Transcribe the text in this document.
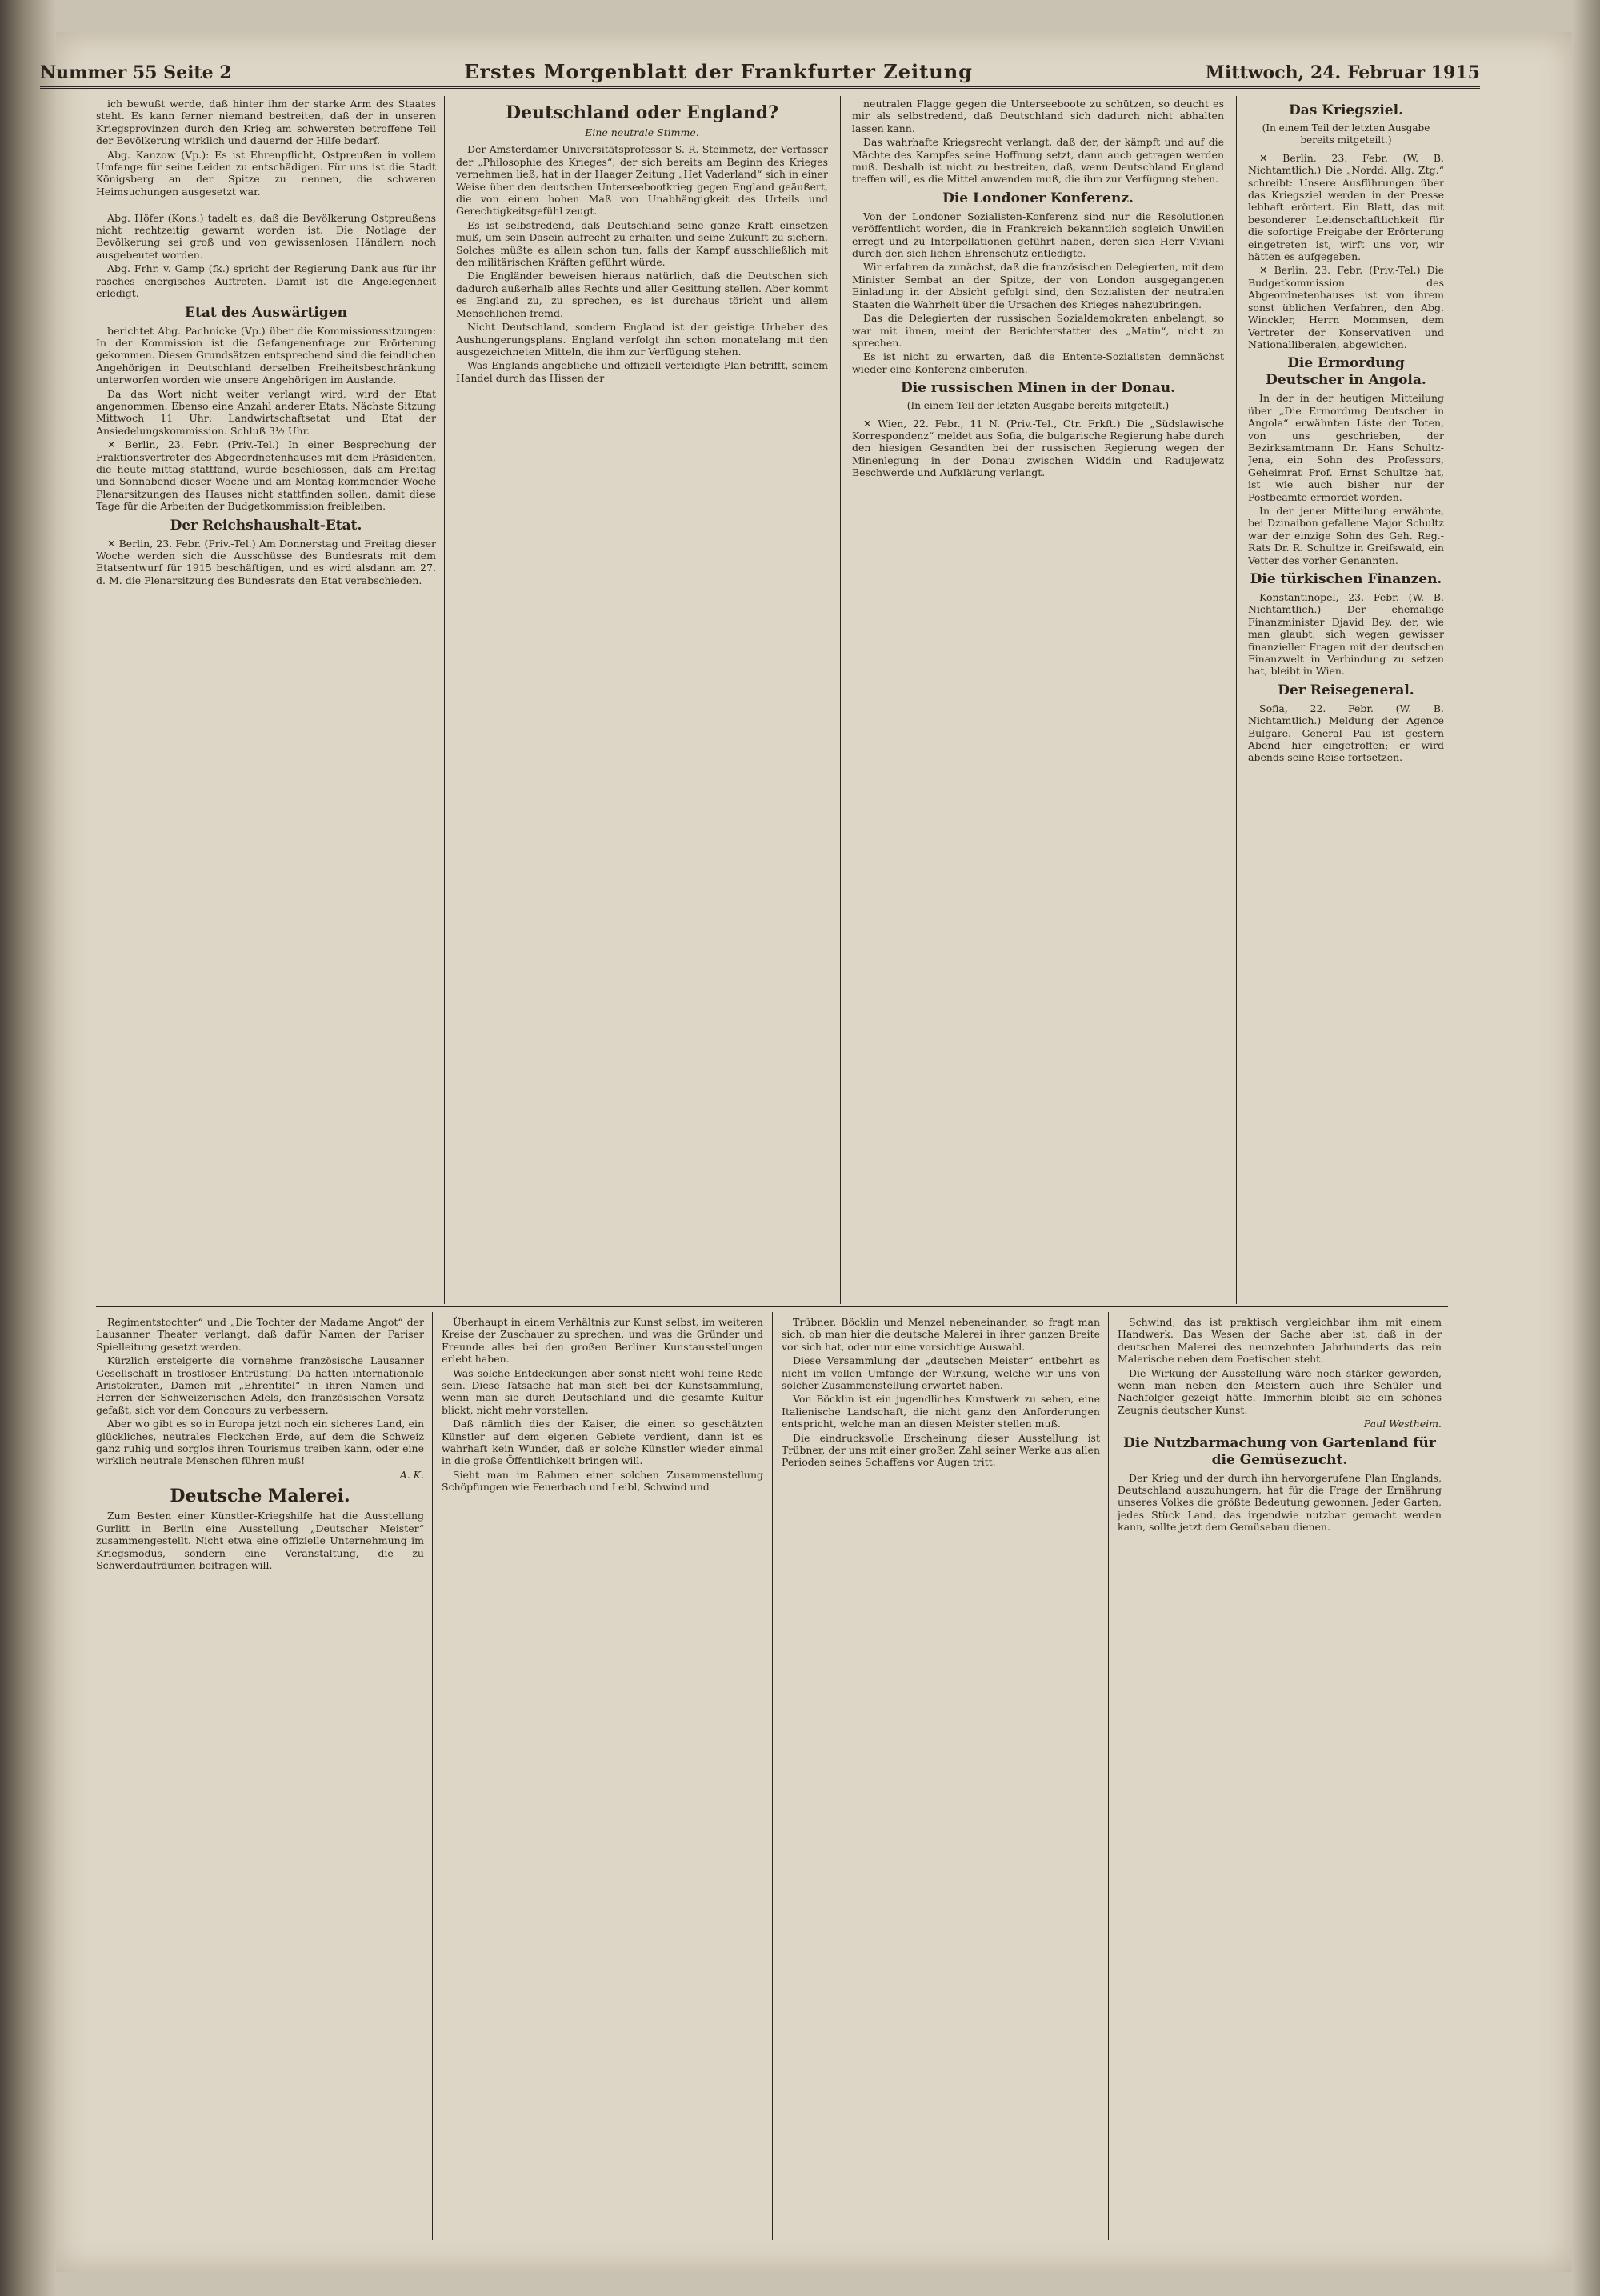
Nummer 55 Seite 2	Erstes Morgenblatt der Frankfurter Zeitung	Mittwoch, 24. Februar 1915

ich bewußt werde, daß hinter ihm der starke Arm des Staates steht. Es kann ferner niemand bestreiten, daß der in unseren Kriegsprovinzen durch den Krieg am schwersten betroffene Teil der Bevölkerung wirklich und dauernd der Hilfe bedarf.

Abg. Kanzow (Vp.): Es ist Ehrenpflicht, Ostpreußen in vollem Umfange für seine Leiden zu entschädigen. Für uns ist die Stadt Königsberg an der Spitze zu nennen, die schweren Heimsuchungen ausgesetzt war.

——

Abg. Höfer (Kons.) tadelt es, daß die Bevölkerung Ostpreußens nicht rechtzeitig gewarnt worden ist. Die Notlage der Bevölkerung sei groß und von gewissenlosen Händlern noch ausgebeutet worden.

Abg. Frhr. v. Gamp (fk.) spricht der Regierung Dank aus für ihr rasches energisches Auftreten. Damit ist die Angelegenheit erledigt.

Etat des Auswärtigen

berichtet Abg. Pachnicke (Vp.) über die Kommissionssitzungen: In der Kommission ist die Gefangenenfrage zur Erörterung gekommen. Diesen Grundsätzen entsprechend sind die feindlichen Angehörigen in Deutschland derselben Freiheitsbeschränkung unterworfen worden wie unsere Angehörigen im Auslande.

Da das Wort nicht weiter verlangt wird, wird der Etat angenommen. Ebenso eine Anzahl anderer Etats. Nächste Sitzung Mittwoch 11 Uhr: Landwirtschaftsetat und Etat der Ansiedelungskommission. Schluß 3½ Uhr.

✕ Berlin, 23. Febr. (Priv.-Tel.) In einer Besprechung der Fraktionsvertreter des Abgeordnetenhauses mit dem Präsidenten, die heute mittag stattfand, wurde beschlossen, daß am Freitag und Sonnabend dieser Woche und am Montag kommender Woche Plenarsitzungen des Hauses nicht stattfinden sollen, damit diese Tage für die Arbeiten der Budgetkommission freibleiben.

Der Reichshaushalt-Etat.

✕ Berlin, 23. Febr. (Priv.-Tel.) Am Donnerstag und Freitag dieser Woche werden sich die Ausschüsse des Bundesrats mit dem Etatsentwurf für 1915 beschäftigen, und es wird alsdann am 27. d. M. die Plenarsitzung des Bundesrats den Etat verabschieden.

Deutschland oder England?
Eine neutrale Stimme.

Der Amsterdamer Universitätsprofessor S. R. Steinmetz, der Verfasser der „Philosophie des Krieges“, der sich bereits am Beginn des Krieges vernehmen ließ, hat in der Haager Zeitung „Het Vaderland“ sich in einer Weise über den deutschen Unterseebootkrieg gegen England geäußert, die von einem hohen Maß von Unabhängigkeit des Urteils und Gerechtigkeitsgefühl zeugt.

Es ist selbstredend, daß Deutschland seine ganze Kraft einsetzen muß, um sein Dasein aufrecht zu erhalten und seine Zukunft zu sichern. Solches müßte es allein schon tun, falls der Kampf ausschließlich mit den militärischen Kräften geführt würde.

Die Engländer beweisen hieraus natürlich, daß die Deutschen sich dadurch außerhalb alles Rechts und aller Gesittung stellen. Aber kommt es England zu, zu sprechen, es ist durchaus töricht und allem Menschlichen fremd.

Nicht Deutschland, sondern England ist der geistige Urheber des Aushungerungsplans. England verfolgt ihn schon monatelang mit den ausgezeichneten Mitteln, die ihm zur Verfügung stehen.

Was Englands angebliche und offiziell verteidigte Plan betrifft, seinem Handel durch das Hissen der

neutralen Flagge gegen die Unterseeboote zu schützen, so deucht es mir als selbstredend, daß Deutschland sich dadurch nicht abhalten lassen kann.

Das wahrhafte Kriegsrecht verlangt, daß der, der kämpft und auf die Mächte des Kampfes seine Hoffnung setzt, dann auch getragen werden muß. Deshalb ist nicht zu bestreiten, daß, wenn Deutschland England treffen will, es die Mittel anwenden muß, die ihm zur Verfügung stehen.

Die Londoner Konferenz.

Von der Londoner Sozialisten-Konferenz sind nur die Resolutionen veröffentlicht worden, die in Frankreich bekanntlich sogleich Unwillen erregt und zu Interpellationen geführt haben, deren sich Herr Viviani durch den sich lichen Ehrenschutz entledigte.

Wir erfahren da zunächst, daß die französischen Delegierten, mit dem Minister Sembat an der Spitze, der von London ausgegangenen Einladung in der Absicht gefolgt sind, den Sozialisten der neutralen Staaten die Wahrheit über die Ursachen des Krieges nahezubringen.

Das die Delegierten der russischen Sozialdemokraten anbelangt, so war mit ihnen, meint der Berichterstatter des „Matin“, nicht zu sprechen.

Es ist nicht zu erwarten, daß die Entente-Sozialisten demnächst wieder eine Konferenz einberufen.

Die russischen Minen in der Donau.
(In einem Teil der letzten Ausgabe bereits mitgeteilt.)

✕ Wien, 22. Febr., 11 N. (Priv.-Tel., Ctr. Frkft.) Die „Südslawische Korrespondenz“ meldet aus Sofia, die bulgarische Regierung habe durch den hiesigen Gesandten bei der russischen Regierung wegen der Minenlegung in der Donau zwischen Widdin und Radujewatz Beschwerde und Aufklärung verlangt.

Das Kriegsziel.
(In einem Teil der letzten Ausgabe bereits mitgeteilt.)

✕ Berlin, 23. Febr. (W. B. Nichtamtlich.) Die „Nordd. Allg. Ztg.“ schreibt: Unsere Ausführungen über das Kriegsziel werden in der Presse lebhaft erörtert. Ein Blatt, das mit besonderer Leidenschaftlichkeit für die sofortige Freigabe der Erörterung eingetreten ist, wirft uns vor, wir hätten es aufgegeben.

✕ Berlin, 23. Febr. (Priv.-Tel.) Die Budgetkommission des Abgeordnetenhauses ist von ihrem sonst üblichen Verfahren, den Abg. Winckler, Herrn Mommsen, dem Vertreter der Konservativen und Nationalliberalen, abgewichen.

Die Ermordung Deutscher in Angola.

In der in der heutigen Mitteilung über „Die Ermordung Deutscher in Angola“ erwähnten Liste der Toten, von uns geschrieben, der Bezirksamtmann Dr. Hans Schultz-Jena, ein Sohn des Professors, Geheimrat Prof. Ernst Schultze hat, ist wie auch bisher nur der Postbeamte ermordet worden.

In der jener Mitteilung erwähnte, bei Dzinaibon gefallene Major Schultz war der einzige Sohn des Geh. Reg.-Rats Dr. R. Schultze in Greifswald, ein Vetter des vorher Genannten.

Die türkischen Finanzen.

Konstantinopel, 23. Febr. (W. B. Nichtamtlich.) Der ehemalige Finanzminister Djavid Bey, der, wie man glaubt, sich wegen gewisser finanzieller Fragen mit der deutschen Finanzwelt in Verbindung zu setzen hat, bleibt in Wien.

Der Reisegeneral.

Sofia, 22. Febr. (W. B. Nichtamtlich.) Meldung der Agence Bulgare. General Pau ist gestern Abend hier eingetroffen; er wird abends seine Reise fortsetzen.

Regimentstochter“ und „Die Tochter der Madame Angot“ der Lausanner Theater verlangt, daß dafür Namen der Pariser Spielleitung gesetzt werden.

Kürzlich ersteigerte die vornehme französische Lausanner Gesellschaft in trostloser Entrüstung! Da hatten internationale Aristokraten, Damen mit „Ehrentitel“ in ihren Namen und Herren der Schweizerischen Adels, den französischen Vorsatz gefaßt, sich vor dem Concours zu verbessern.

Aber wo gibt es so in Europa jetzt noch ein sicheres Land, ein glückliches, neutrales Fleckchen Erde, auf dem die Schweiz ganz ruhig und sorglos ihren Tourismus treiben kann, oder eine wirklich neutrale Menschen führen muß!

A. K.
Deutsche Malerei.

Zum Besten einer Künstler-Kriegshilfe hat die Ausstellung Gurlitt in Berlin eine Ausstellung „Deutscher Meister“ zusammengestellt. Nicht etwa eine offizielle Unternehmung im Kriegsmodus, sondern eine Veranstaltung, die zu Schwerdaufräumen beitragen will.

Überhaupt in einem Verhältnis zur Kunst selbst, im weiteren Kreise der Zuschauer zu sprechen, und was die Gründer und Freunde alles bei den großen Berliner Kunstausstellungen erlebt haben.

Was solche Entdeckungen aber sonst nicht wohl feine Rede sein. Diese Tatsache hat man sich bei der Kunstsammlung, wenn man sie durch Deutschland und die gesamte Kultur blickt, nicht mehr vorstellen.

Daß nämlich dies der Kaiser, die einen so geschätzten Künstler auf dem eigenen Gebiete verdient, dann ist es wahrhaft kein Wunder, daß er solche Künstler wieder einmal in die große Öffentlichkeit bringen will.

Sieht man im Rahmen einer solchen Zusammenstellung Schöpfungen wie Feuerbach und Leibl, Schwind und

Trübner, Böcklin und Menzel nebeneinander, so fragt man sich, ob man hier die deutsche Malerei in ihrer ganzen Breite vor sich hat, oder nur eine vorsichtige Auswahl.

Diese Versammlung der „deutschen Meister“ entbehrt es nicht im vollen Umfange der Wirkung, welche wir uns von solcher Zusammenstellung erwartet haben.

Von Böcklin ist ein jugendliches Kunstwerk zu sehen, eine Italienische Landschaft, die nicht ganz den Anforderungen entspricht, welche man an diesen Meister stellen muß.

Die eindrucksvolle Erscheinung dieser Ausstellung ist Trübner, der uns mit einer großen Zahl seiner Werke aus allen Perioden seines Schaffens vor Augen tritt.

Schwind, das ist praktisch vergleichbar ihm mit einem Handwerk. Das Wesen der Sache aber ist, daß in der deutschen Malerei des neunzehnten Jahrhunderts das rein Malerische neben dem Poetischen steht.

Die Wirkung der Ausstellung wäre noch stärker geworden, wenn man neben den Meistern auch ihre Schüler und Nachfolger gezeigt hätte. Immerhin bleibt sie ein schönes Zeugnis deutscher Kunst.

Paul Westheim.
Die Nutzbarmachung von Gartenland für die Gemüsezucht.

Der Krieg und der durch ihn hervorgerufene Plan Englands, Deutschland auszuhungern, hat für die Frage der Ernährung unseres Volkes die größte Bedeutung gewonnen. Jeder Garten, jedes Stück Land, das irgendwie nutzbar gemacht werden kann, sollte jetzt dem Gemüsebau dienen.
